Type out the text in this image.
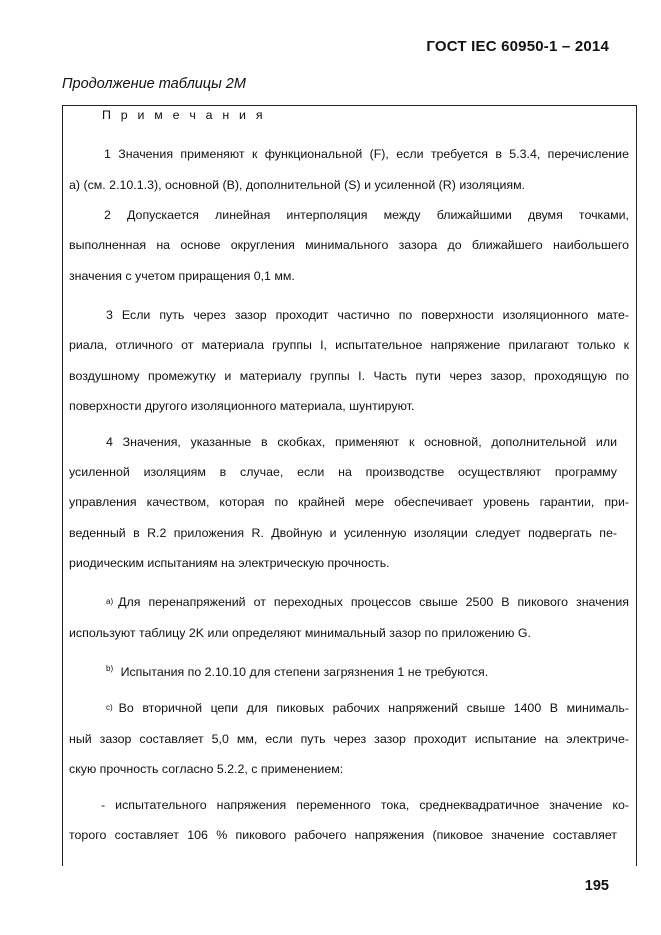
ГОСТ IEC 60950-1 – 2014
Продолжение таблицы 2М
П р и м е ч а н и я
1 Значения применяют к функциональной (F), если требуется в 5.3.4, перечисление
а) (см. 2.10.1.3), основной (В), дополнительной (S) и усиленной (R) изоляциям.
2 Допускается линейная интерполяция между ближайшими двумя точками,
выполненная на основе округления минимального зазора до ближайшего наибольшего
значения с учетом приращения 0,1 мм.
3 Если путь через зазор проходит частично по поверхности изоляционного мате-
риала, отличного от материала группы I, испытательное напряжение прилагают только к
воздушному промежутку и материалу группы I. Часть пути через зазор, проходящую по
поверхности другого изоляционного материала, шунтируют.
4 Значения, указанные в скобках, применяют к основной, дополнительной или
усиленной изоляциям в случае, если на производстве осуществляют программу
управления качеством, которая по крайней мере обеспечивает уровень гарантии, при-
веденный в R.2 приложения R. Двойную и усиленную изоляции следует подвергать пе-
риодическим испытаниям на электрическую прочность.
a) Для перенапряжений от переходных процессов свыше 2500 В пикового значения
используют таблицу 2K или определяют минимальный зазор по приложению G.
$^{b)}$ Испытания по 2.10.10 для степени загрязнения 1 не требуются.
c) Во вторичной цепи для пиковых рабочих напряжений свыше 1400 В минималь-
ный зазор составляет 5,0 мм, если путь через зазор проходит испытание на электриче-
скую прочность согласно 5.2.2, с применением:
- испытательного напряжения переменного тока, среднеквадратичное значение ко-
торого составляет 106 % пикового рабочего напряжения (пиковое значение составляет
195
